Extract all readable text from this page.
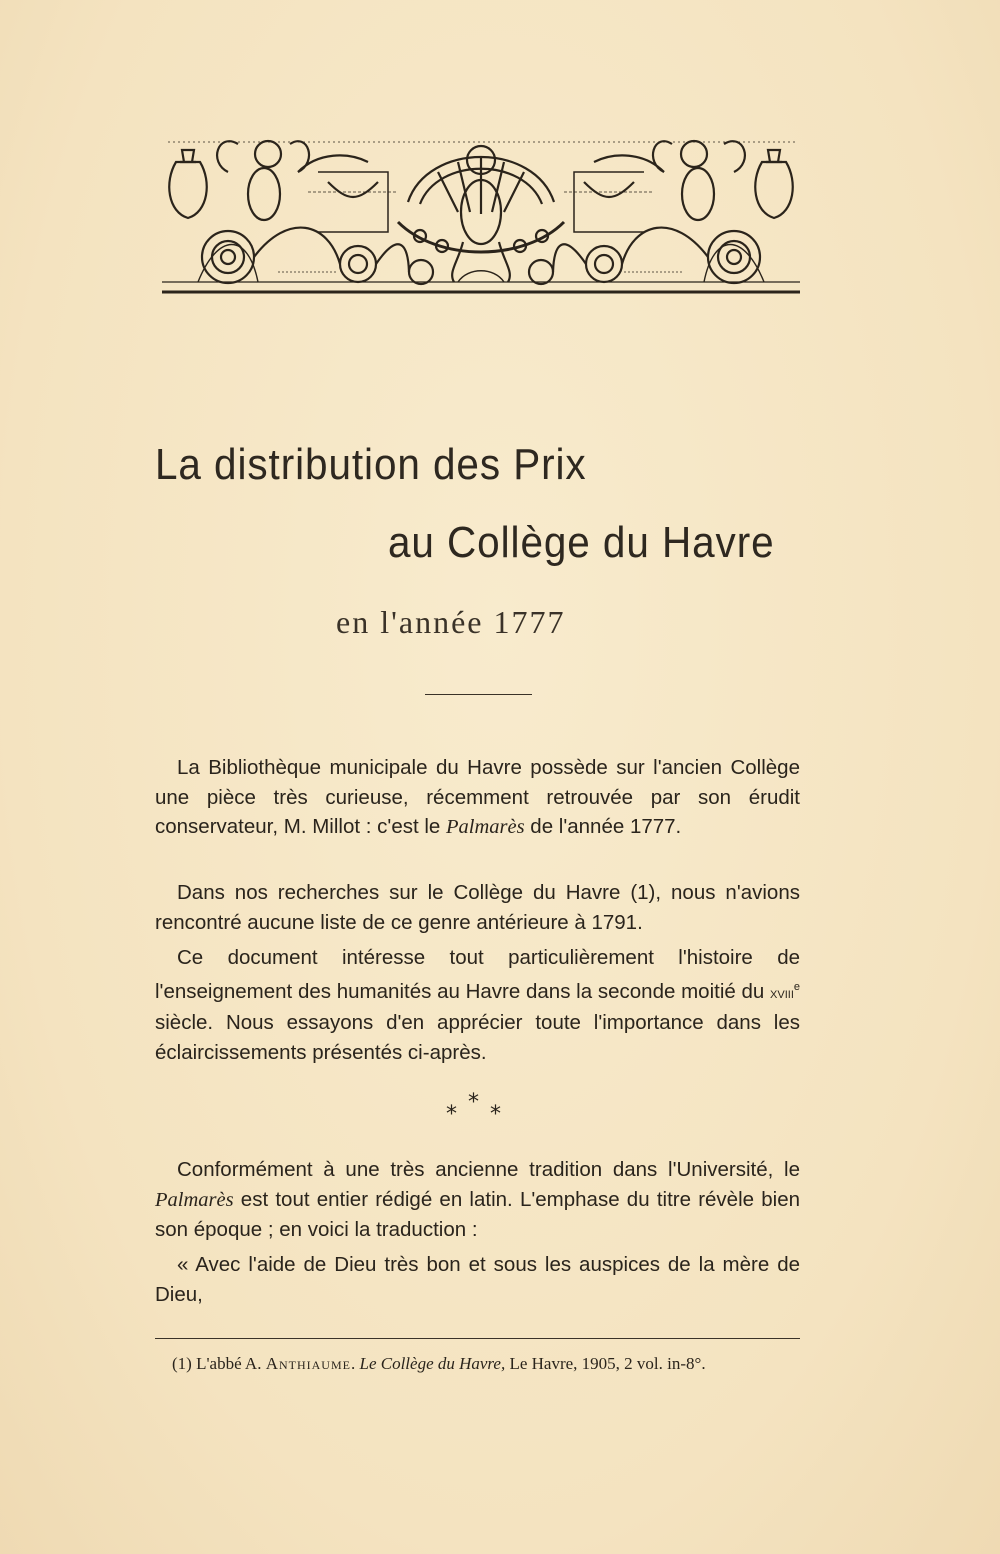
La distribution des Prix
au Collège du Havre
en l'année 1777

La Bibliothèque municipale du Havre possède sur l'ancien Collège une pièce très curieuse, récemment retrouvée par son érudit conservateur, M. Millot : c'est le Palmarès de l'année 1777.

Dans nos recherches sur le Collège du Havre (1), nous n'avions rencontré aucune liste de ce genre antérieure à 1791.

Ce document intéresse tout particulièrement l'histoire de l'enseignement des humanités au Havre dans la seconde moitié du xviii$^e$ siècle. Nous essayons d'en apprécier toute l'importance dans les éclaircissements présentés ci-après.

*
* *

Conformément à une très ancienne tradition dans l'Université, le Palmarès est tout entier rédigé en latin. L'emphase du titre révèle bien son époque ; en voici la traduction :

« Avec l'aide de Dieu très bon et sous les auspices de la mère de Dieu,

(1) L'abbé A. Anthiaume. Le Collège du Havre, Le Havre, 1905, 2 vol. in-8°.
